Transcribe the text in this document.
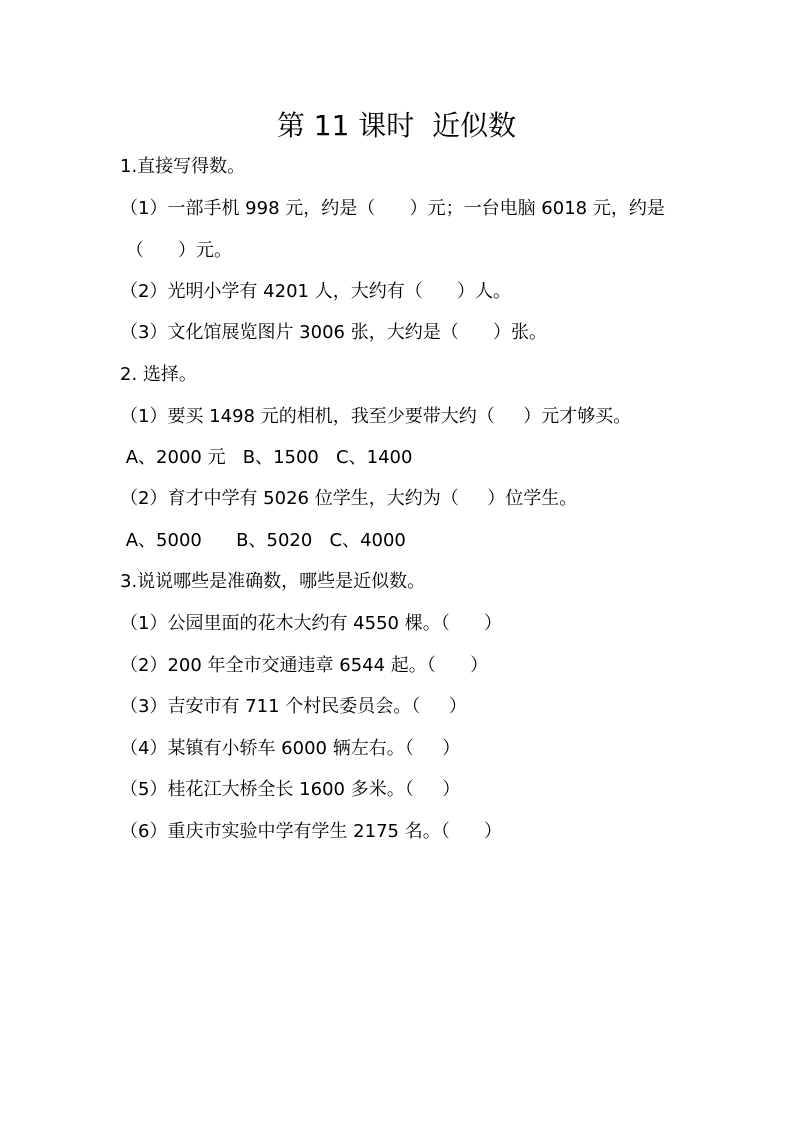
第 11 课时  近似数
1.直接写得数。
（1）一部手机 998 元，约是（      ）元；一台电脑 6018 元，约是
（      ）元。
（2）光明小学有 4201 人，大约有（      ）人。
（3）文化馆展览图片 3006 张，大约是（      ）张。
2. 选择。
（1）要买 1498 元的相机，我至少要带大约（     ）元才够买。
A、2000 元   B、1500   C、1400
（2）育才中学有 5026 位学生，大约为（     ）位学生。
A、5000      B、5020   C、4000
3.说说哪些是准确数，哪些是近似数。
（1）公园里面的花木大约有 4550 棵。（      ）
（2）200 年全市交通违章 6544 起。（      ）
（3）吉安市有 711 个村民委员会。（     ）
（4）某镇有小轿车 6000 辆左右。（     ）
（5）桂花江大桥全长 1600 多米。（     ）
（6）重庆市实验中学有学生 2175 名。（      ）
